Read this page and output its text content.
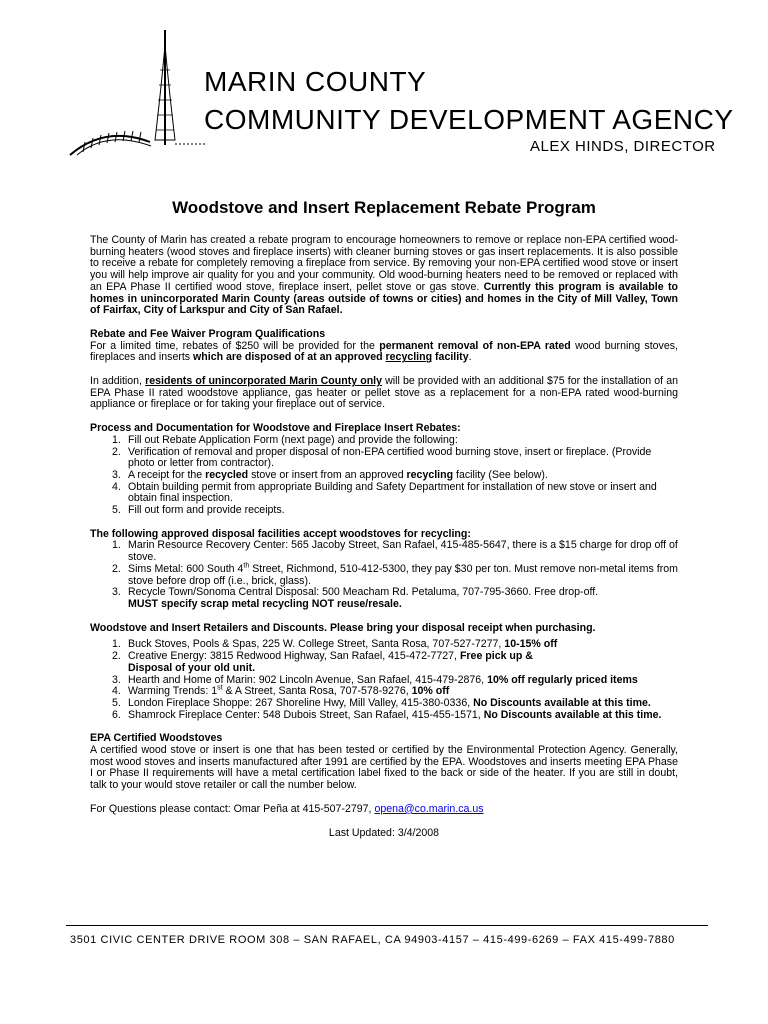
MARIN COUNTY
COMMUNITY DEVELOPMENT AGENCY
ALEX HINDS, DIRECTOR
Woodstove and Insert Replacement Rebate Program

The County of Marin has created a rebate program to encourage homeowners to remove or replace non-EPA certified wood-burning heaters (wood stoves and fireplace inserts) with cleaner burning stoves or gas insert replacements. It is also possible to receive a rebate for completely removing a fireplace from service. By removing your non-EPA certified wood stove or insert you will help improve air quality for you and your community. Old wood-burning heaters need to be removed or replaced with an EPA Phase II certified wood stove, fireplace insert, pellet stove or gas stove. Currently this program is available to homes in unincorporated Marin County (areas outside of towns or cities) and homes in the City of Mill Valley, Town of Fairfax, City of Larkspur and City of San Rafael.

Rebate and Fee Waiver Program Qualifications

For a limited time, rebates of $250 will be provided for the permanent removal of non-EPA rated wood burning stoves, fireplaces and inserts which are disposed of at an approved recycling facility.

In addition, residents of unincorporated Marin County only will be provided with an additional $75 for the installation of an EPA Phase II rated woodstove appliance, gas heater or pellet stove as a replacement for a non-EPA rated wood-burning appliance or fireplace or for taking your fireplace out of service.

Process and Documentation for Woodstove and Fireplace Insert Rebates:

1. Fill out Rebate Application Form (next page) and provide the following:
2. Verification of removal and proper disposal of non-EPA certified wood burning stove, insert or fireplace. (Provide photo or letter from contractor).
3. A receipt for the recycled stove or insert from an approved recycling facility (See below).
4. Obtain building permit from appropriate Building and Safety Department for installation of new stove or insert and obtain final inspection.
5. Fill out form and provide receipts.

The following approved disposal facilities accept woodstoves for recycling:

1. Marin Resource Recovery Center: 565 Jacoby Street, San Rafael, 415-485-5647, there is a $15 charge for drop off of stove.
2. Sims Metal: 600 South 4th Street, Richmond, 510-412-5300, they pay $30 per ton. Must remove non-metal items from stove before drop off (i.e., brick, glass).
3. Recycle Town/Sonoma Central Disposal: 500 Meacham Rd. Petaluma, 707-795-3660. Free drop-off.
MUST specify scrap metal recycling NOT reuse/resale.

Woodstove and Insert Retailers and Discounts. Please bring your disposal receipt when purchasing.

1. Buck Stoves, Pools & Spas, 225 W. College Street, Santa Rosa, 707-527-7277, 10-15% off
2. Creative Energy: 3815 Redwood Highway, San Rafael, 415-472-7727, Free pick up & Disposal of your old unit.
3. Hearth and Home of Marin: 902 Lincoln Avenue, San Rafael, 415-479-2876, 10% off regularly priced items
4. Warming Trends: 1st & A Street, Santa Rosa, 707-578-9276, 10% off
5. London Fireplace Shoppe: 267 Shoreline Hwy, Mill Valley, 415-380-0336, No Discounts available at this time.
6. Shamrock Fireplace Center: 548 Dubois Street, San Rafael, 415-455-1571, No Discounts available at this time.

EPA Certified Woodstoves

A certified wood stove or insert is one that has been tested or certified by the Environmental Protection Agency. Generally, most wood stoves and inserts manufactured after 1991 are certified by the EPA. Woodstoves and inserts meeting EPA Phase I or Phase II requirements will have a metal certification label fixed to the back or side of the heater. If you are still in doubt, talk to your would stove retailer or call the number below.

For Questions please contact: Omar Peña at 415-507-2797, opena@co.marin.ca.us

Last Updated: 3/4/2008

3501 CIVIC CENTER DRIVE ROOM 308 – SAN RAFAEL, CA 94903-4157 – 415-499-6269 – FAX 415-499-7880
